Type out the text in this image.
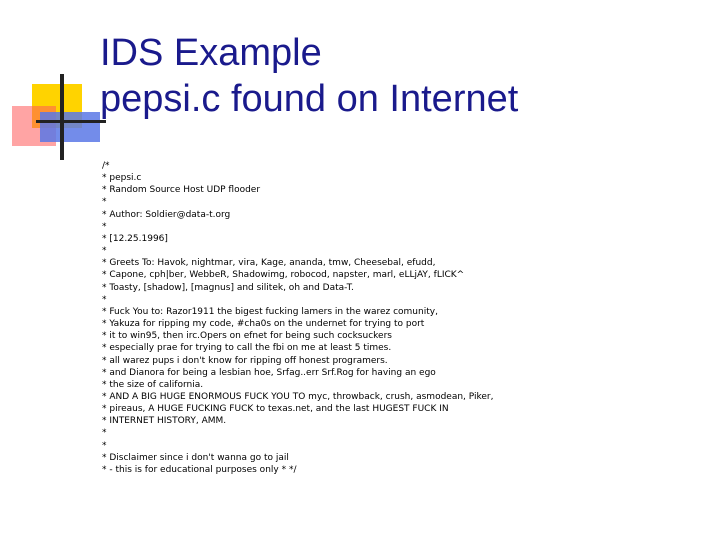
IDS Example
pepsi.c found on Internet
/*
* pepsi.c
* Random Source Host UDP flooder
*
* Author: Soldier@data-t.org
*
* [12.25.1996]
*
* Greets To: Havok, nightmar, vira, Kage, ananda, tmw, Cheesebal, efudd,
* Capone, cph|ber, WebbeR, Shadowimg, robocod, napster, marl, eLLjAY, fLICK^
* Toasty, [shadow], [magnus] and silitek, oh and Data-T.
*
* Fuck You to: Razor1911 the bigest fucking lamers in the warez comunity,
* Yakuza for ripping my code, #cha0s on the undernet for trying to port
* it to win95, then irc.Opers on efnet for being such cocksuckers
* especially prae for trying to call the fbi on me at least 5 times.
* all warez pups i don't know for ripping off honest programers.
* and Dianora for being a lesbian hoe, Srfag..err Srf.Rog for having an ego
* the size of california.
* AND A BIG HUGE ENORMOUS FUCK YOU TO myc, throwback, crush, asmodean, Piker,
* pireaus, A HUGE FUCKING FUCK to texas.net, and the last HUGEST FUCK IN
* INTERNET HISTORY, AMM.
*
*
* Disclaimer since i don't wanna go to jail
* - this is for educational purposes only * */
